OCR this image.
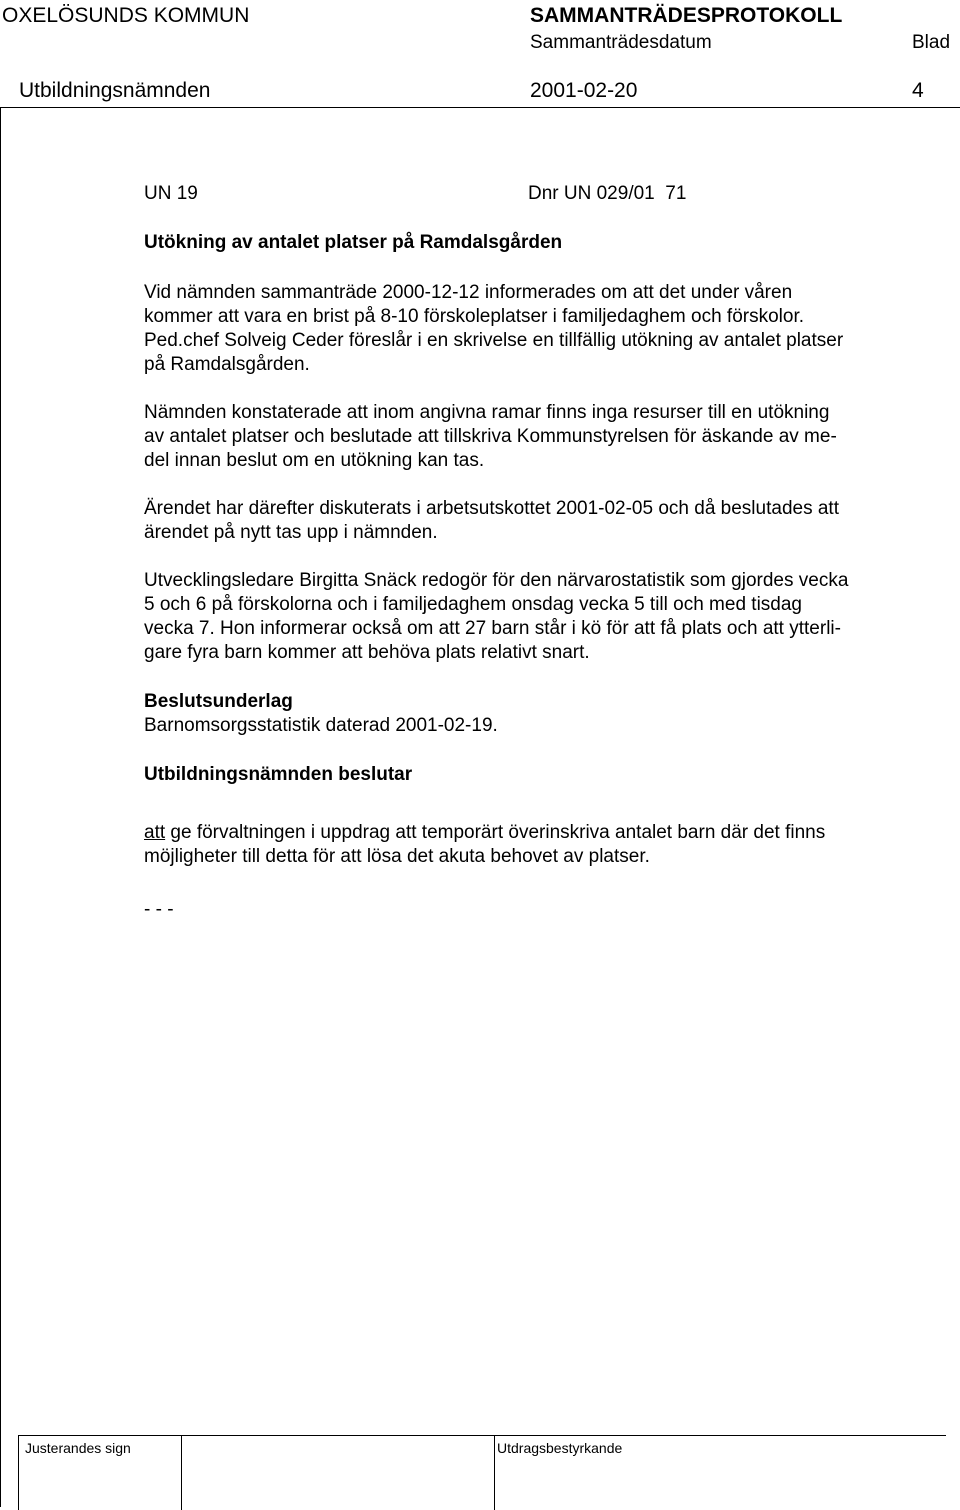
OXELÖSUNDS KOMMUN	SAMMANTRÄDESPROTOKOLL
Sammanträdesdatum	Blad
Utbildningsnämnden	2001-02-20	4
UN 19	Dnr UN 029/01  71

Utökning av antalet platser på Ramdalsgården

Vid nämnden sammanträde 2000-12-12 informerades om att det under våren
kommer att vara en brist på 8-10 förskoleplatser i familjedaghem och förskolor.
Ped.chef Solveig Ceder föreslår i en skrivelse en tillfällig utökning av antalet platser
på Ramdalsgården.

Nämnden konstaterade att inom angivna ramar finns inga resurser till en utökning
av antalet platser och beslutade att tillskriva Kommunstyrelsen för äskande av me-
del innan beslut om en utökning kan tas.

Ärendet har därefter diskuterats i arbetsutskottet 2001-02-05 och då beslutades att
ärendet på nytt tas upp i nämnden.

Utvecklingsledare Birgitta Snäck redogör för den närvarostatistik som gjordes vecka
5 och 6 på förskolorna och i familjedaghem onsdag vecka 5 till och med tisdag
vecka 7. Hon informerar också om att 27 barn står i kö för att få plats och att ytterli-
gare fyra barn kommer att behöva plats relativt snart.

Beslutsunderlag

Barnomsorgsstatistik daterad 2001-02-19.

Utbildningsnämnden beslutar

att ge förvaltningen i uppdrag att temporärt överinskriva antalet barn där det finns
möjligheter till detta för att lösa det akuta behovet av platser.

- - -

Justerandes sign	Utdragsbestyrkande
